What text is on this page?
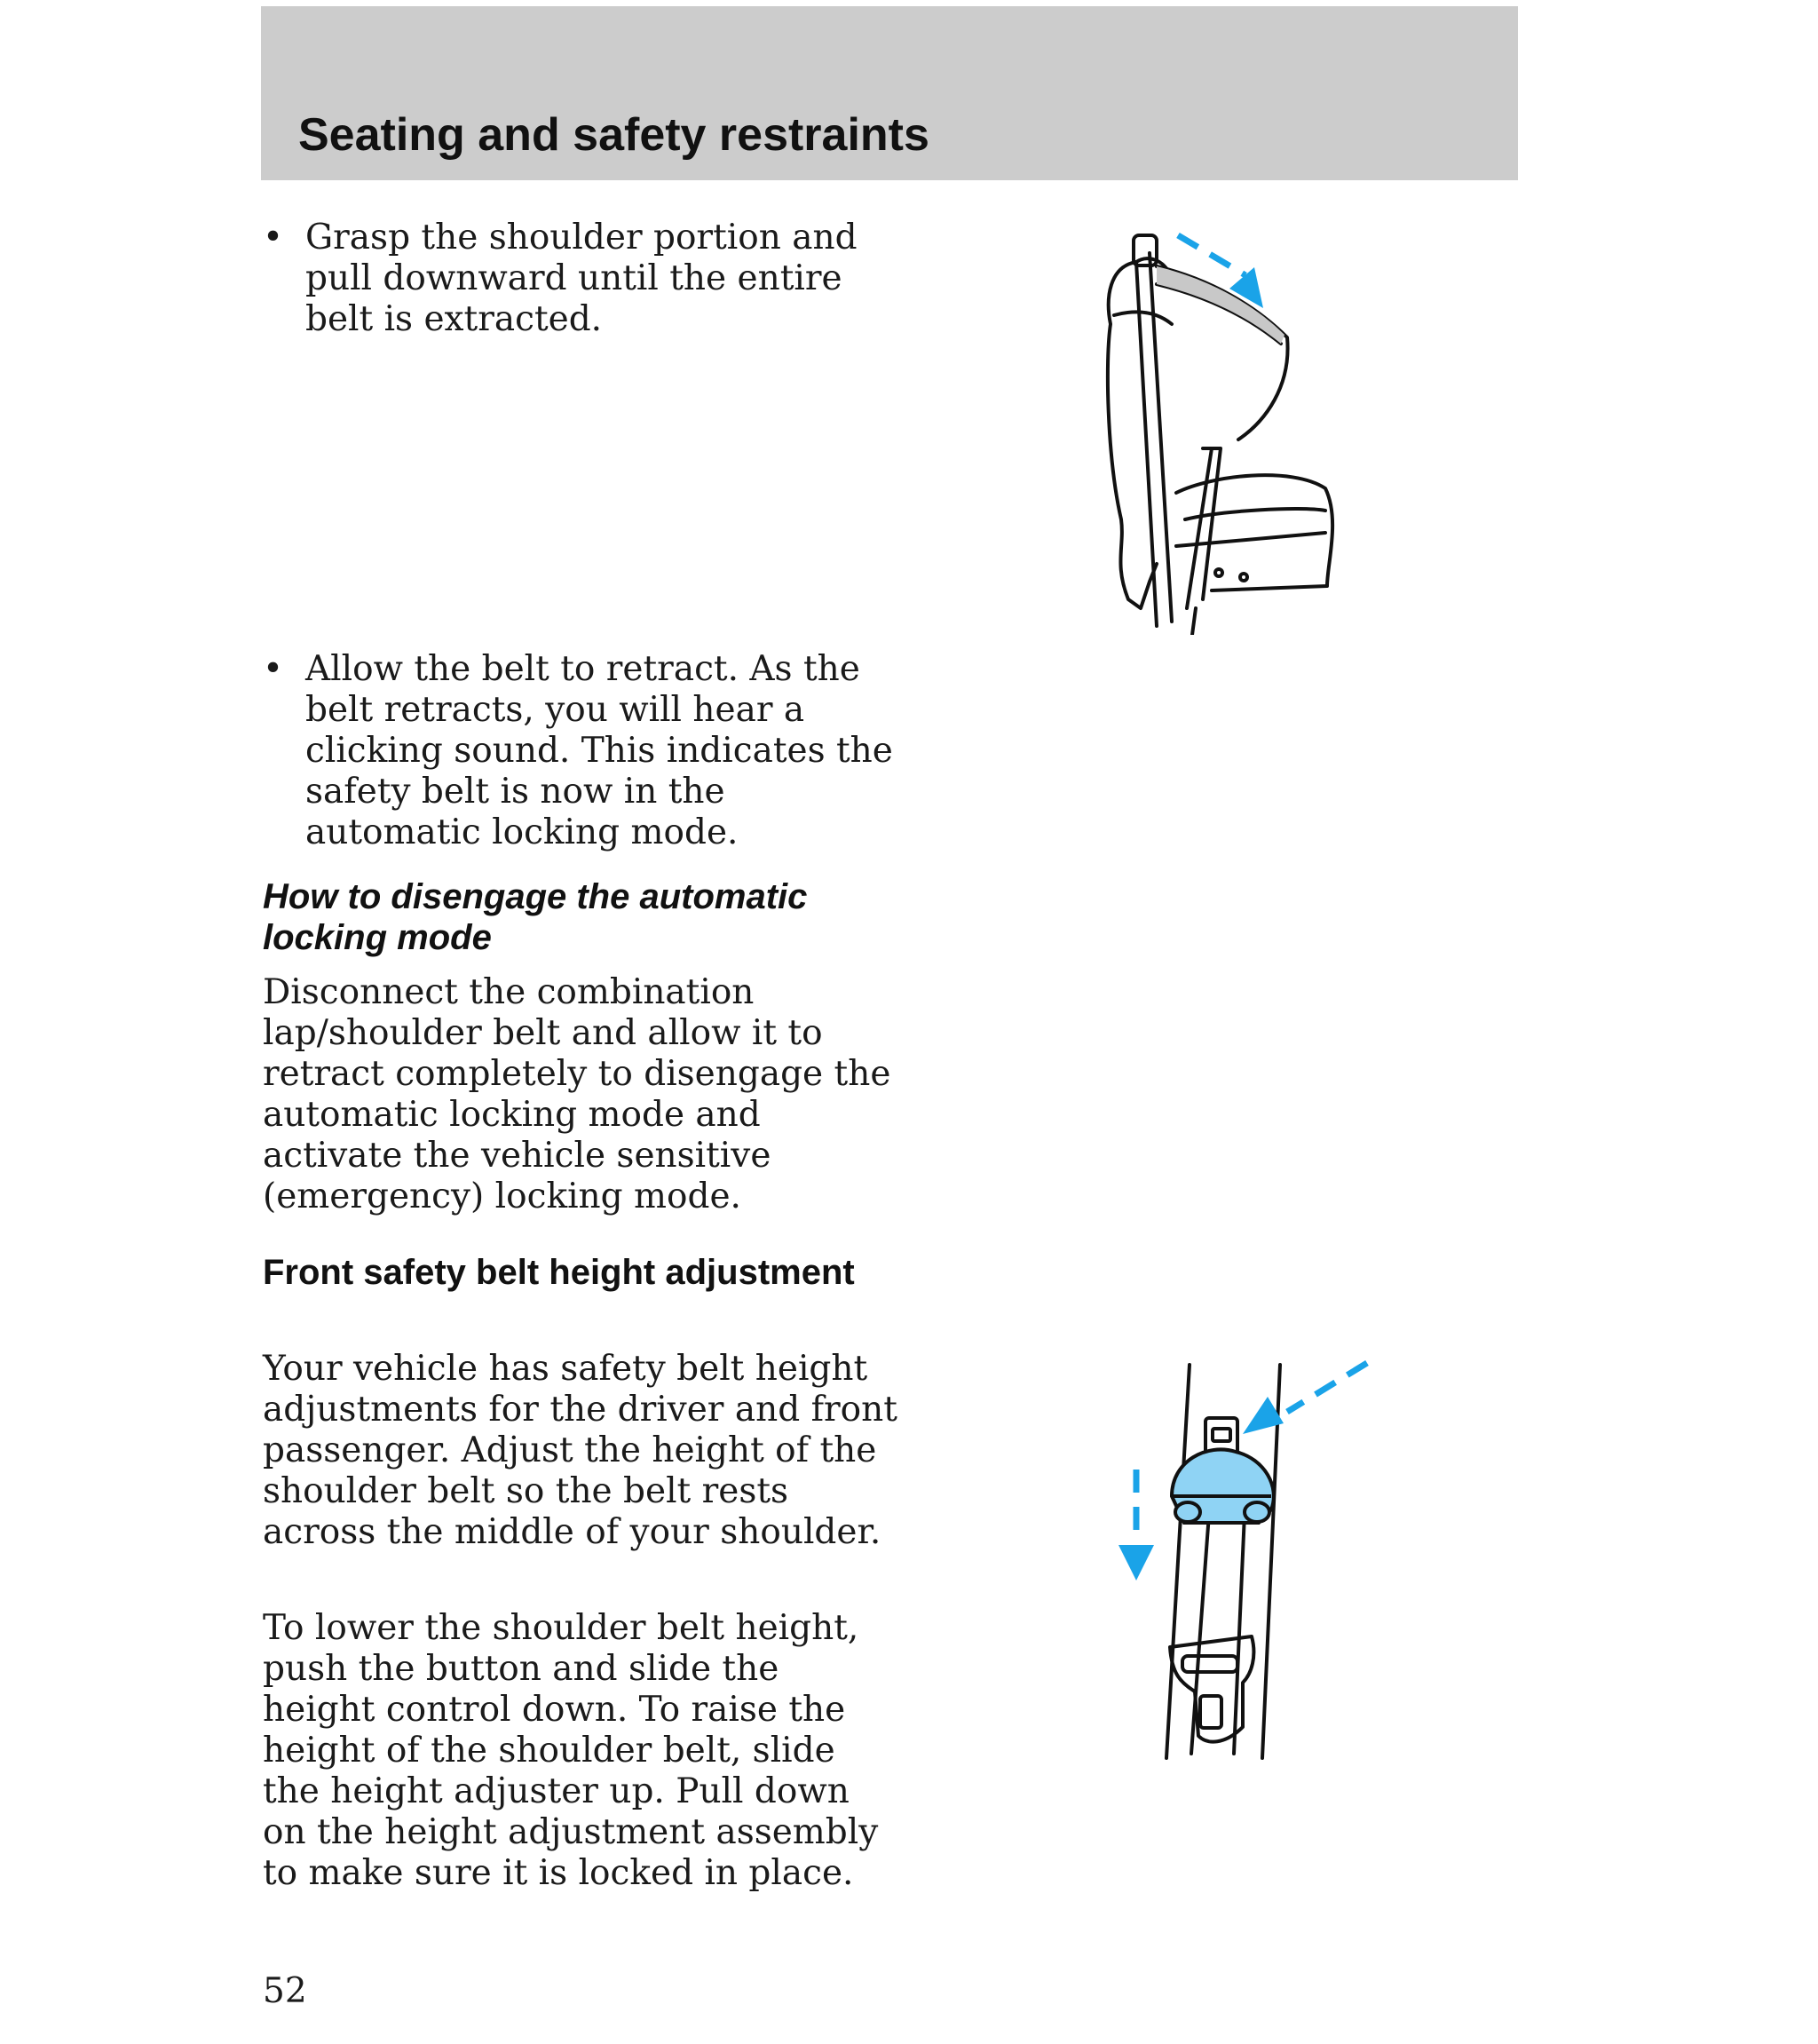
Seating and safety restraints
• Grasp the shoulder portion and pull downward until the entire belt is extracted.
• Allow the belt to retract. As the belt retracts, you will hear a clicking sound. This indicates the safety belt is now in the automatic locking mode.
How to disengage the automatic locking mode
Disconnect the combination lap/shoulder belt and allow it to retract completely to disengage the automatic locking mode and activate the vehicle sensitive (emergency) locking mode.
Front safety belt height adjustment
Your vehicle has safety belt height adjustments for the driver and front passenger. Adjust the height of the shoulder belt so the belt rests across the middle of your shoulder.
To lower the shoulder belt height, push the button and slide the height control down. To raise the height of the shoulder belt, slide the height adjuster up. Pull down on the height adjustment assembly to make sure it is locked in place.
52
